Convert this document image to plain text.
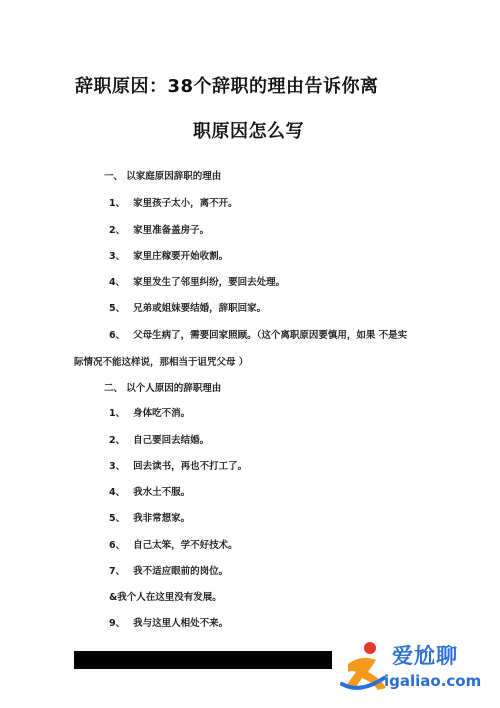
辞职原因：38个辞职的理由告诉你离
职原因怎么写
一、 以家庭原因辞职的理由
1、 家里孩子太小，离不开。
2、 家里准备盖房子。
3、 家里庄稼要开始收割。
4、 家里发生了邻里纠纷，要回去处理。
5、 兄弟或姐妹要结婚，辞职回家。
6、 父母生病了，需要回家照顾。（这个离职原因要慎用，如果 不是实
际情况不能这样说，那相当于诅咒父母 ）
二、 以个人原因的辞职理由
1、 身体吃不消。
2、 自己要回去结婚。
3、 回去读书，再也不打工了。
4、 我水土不服。
5、 我非常想家。
6、 自己太笨，学不好技术。
7、 我不适应眼前的岗位。
&我个人在这里没有发展。
9、 我与这里人相处不来。
爱尬聊
igaliao.com
